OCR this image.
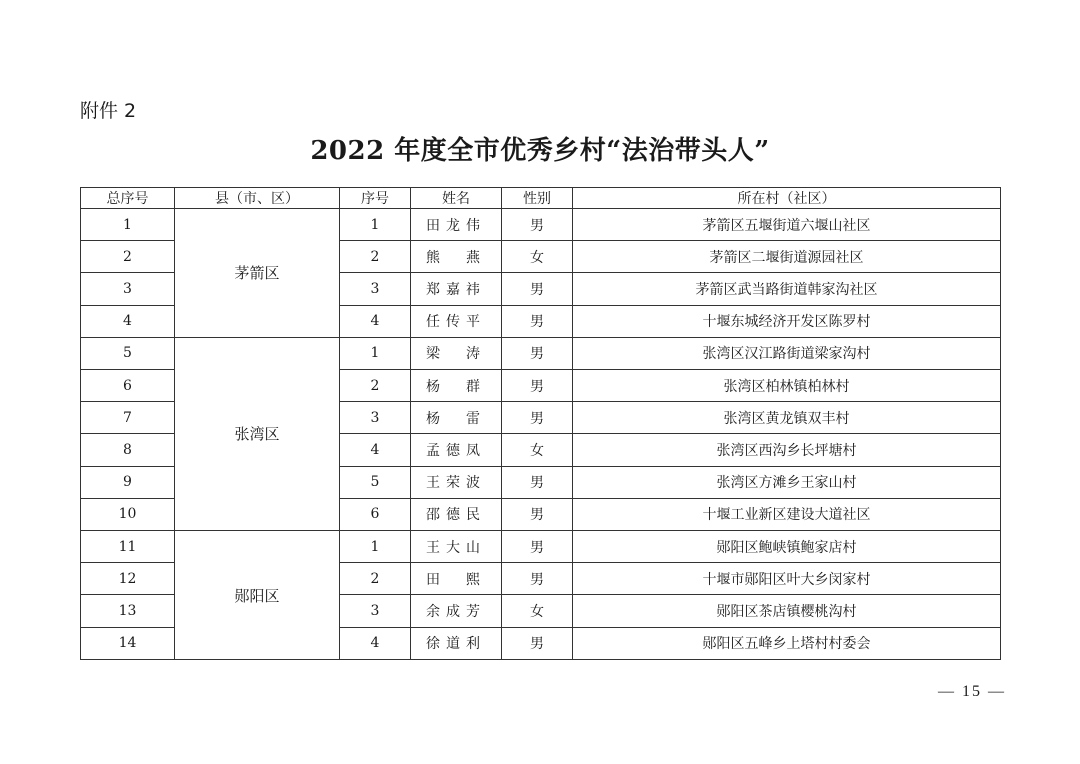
附件 2
2022 年度全市优秀乡村“法治带头人”
总序号	县（市、区）	序号	姓名	性别	所在村（社区）
1	茅箭区	1	田龙伟	男	茅箭区五堰街道六堰山社区
2		2	熊　燕	女	茅箭区二堰街道源园社区
3		3	郑嘉祎	男	茅箭区武当路街道韩家沟社区
4		4	任传平	男	十堰东城经济开发区陈罗村
5	张湾区	1	梁　涛	男	张湾区汉江路街道梁家沟村
6		2	杨　群	男	张湾区柏林镇柏林村
7		3	杨　雷	男	张湾区黄龙镇双丰村
8		4	孟德凤	女	张湾区西沟乡长坪塘村
9		5	王荣波	男	张湾区方滩乡王家山村
10		6	邵德民	男	十堰工业新区建设大道社区
11	郧阳区	1	王大山	男	郧阳区鲍峡镇鲍家店村
12		2	田　熙	男	十堰市郧阳区叶大乡闵家村
13		3	余成芳	女	郧阳区茶店镇樱桃沟村
14		4	徐道利	男	郧阳区五峰乡上塔村村委会
— 15 —
